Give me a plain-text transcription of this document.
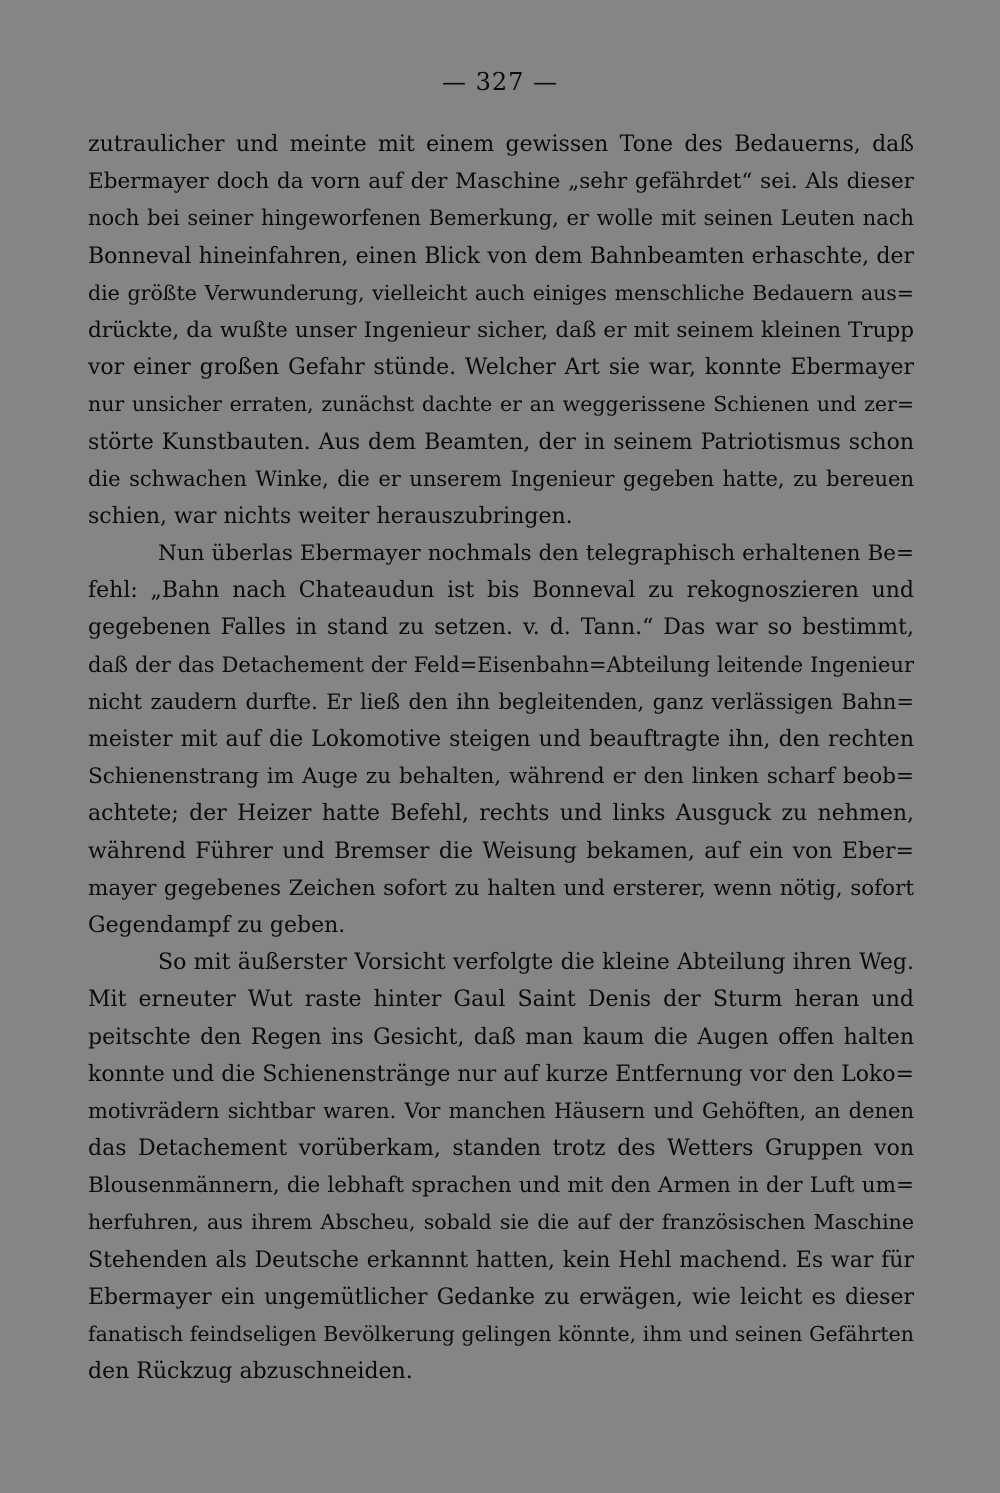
— 327 —
zutraulicher und meinte mit einem gewissen Tone des Bedauerns, daß
Ebermayer doch da vorn auf der Maschine „sehr gefährdet“ sei. Als dieser
noch bei seiner hingeworfenen Bemerkung, er wolle mit seinen Leuten nach
Bonneval hineinfahren, einen Blick von dem Bahnbeamten erhaschte, der
die größte Verwunderung, vielleicht auch einiges menschliche Bedauern aus=
drückte, da wußte unser Ingenieur sicher, daß er mit seinem kleinen Trupp
vor einer großen Gefahr stünde. Welcher Art sie war, konnte Ebermayer
nur unsicher erraten, zunächst dachte er an weggerissene Schienen und zer=
störte Kunstbauten. Aus dem Beamten, der in seinem Patriotismus schon
die schwachen Winke, die er unserem Ingenieur gegeben hatte, zu bereuen
schien, war nichts weiter herauszubringen.
Nun überlas Ebermayer nochmals den telegraphisch erhaltenen Be=
fehl: „Bahn nach Chateaudun ist bis Bonneval zu rekognoszieren und
gegebenen Falles in stand zu setzen. v. d. Tann.“ Das war so bestimmt,
daß der das Detachement der Feld=Eisenbahn=Abteilung leitende Ingenieur
nicht zaudern durfte. Er ließ den ihn begleitenden, ganz verlässigen Bahn=
meister mit auf die Lokomotive steigen und beauftragte ihn, den rechten
Schienenstrang im Auge zu behalten, während er den linken scharf beob=
achtete; der Heizer hatte Befehl, rechts und links Ausguck zu nehmen,
während Führer und Bremser die Weisung bekamen, auf ein von Eber=
mayer gegebenes Zeichen sofort zu halten und ersterer, wenn nötig, sofort
Gegendampf zu geben.
So mit äußerster Vorsicht verfolgte die kleine Abteilung ihren Weg.
Mit erneuter Wut raste hinter Gaul Saint Denis der Sturm heran und
peitschte den Regen ins Gesicht, daß man kaum die Augen offen halten
konnte und die Schienenstränge nur auf kurze Entfernung vor den Loko=
motivrädern sichtbar waren. Vor manchen Häusern und Gehöften, an denen
das Detachement vorüberkam, standen trotz des Wetters Gruppen von
Blousenmännern, die lebhaft sprachen und mit den Armen in der Luft um=
herfuhren, aus ihrem Abscheu, sobald sie die auf der französischen Maschine
Stehenden als Deutsche erkannnt hatten, kein Hehl machend. Es war für
Ebermayer ein ungemütlicher Gedanke zu erwägen, wie leicht es dieser
fanatisch feindseligen Bevölkerung gelingen könnte, ihm und seinen Gefährten
den Rückzug abzuschneiden.
